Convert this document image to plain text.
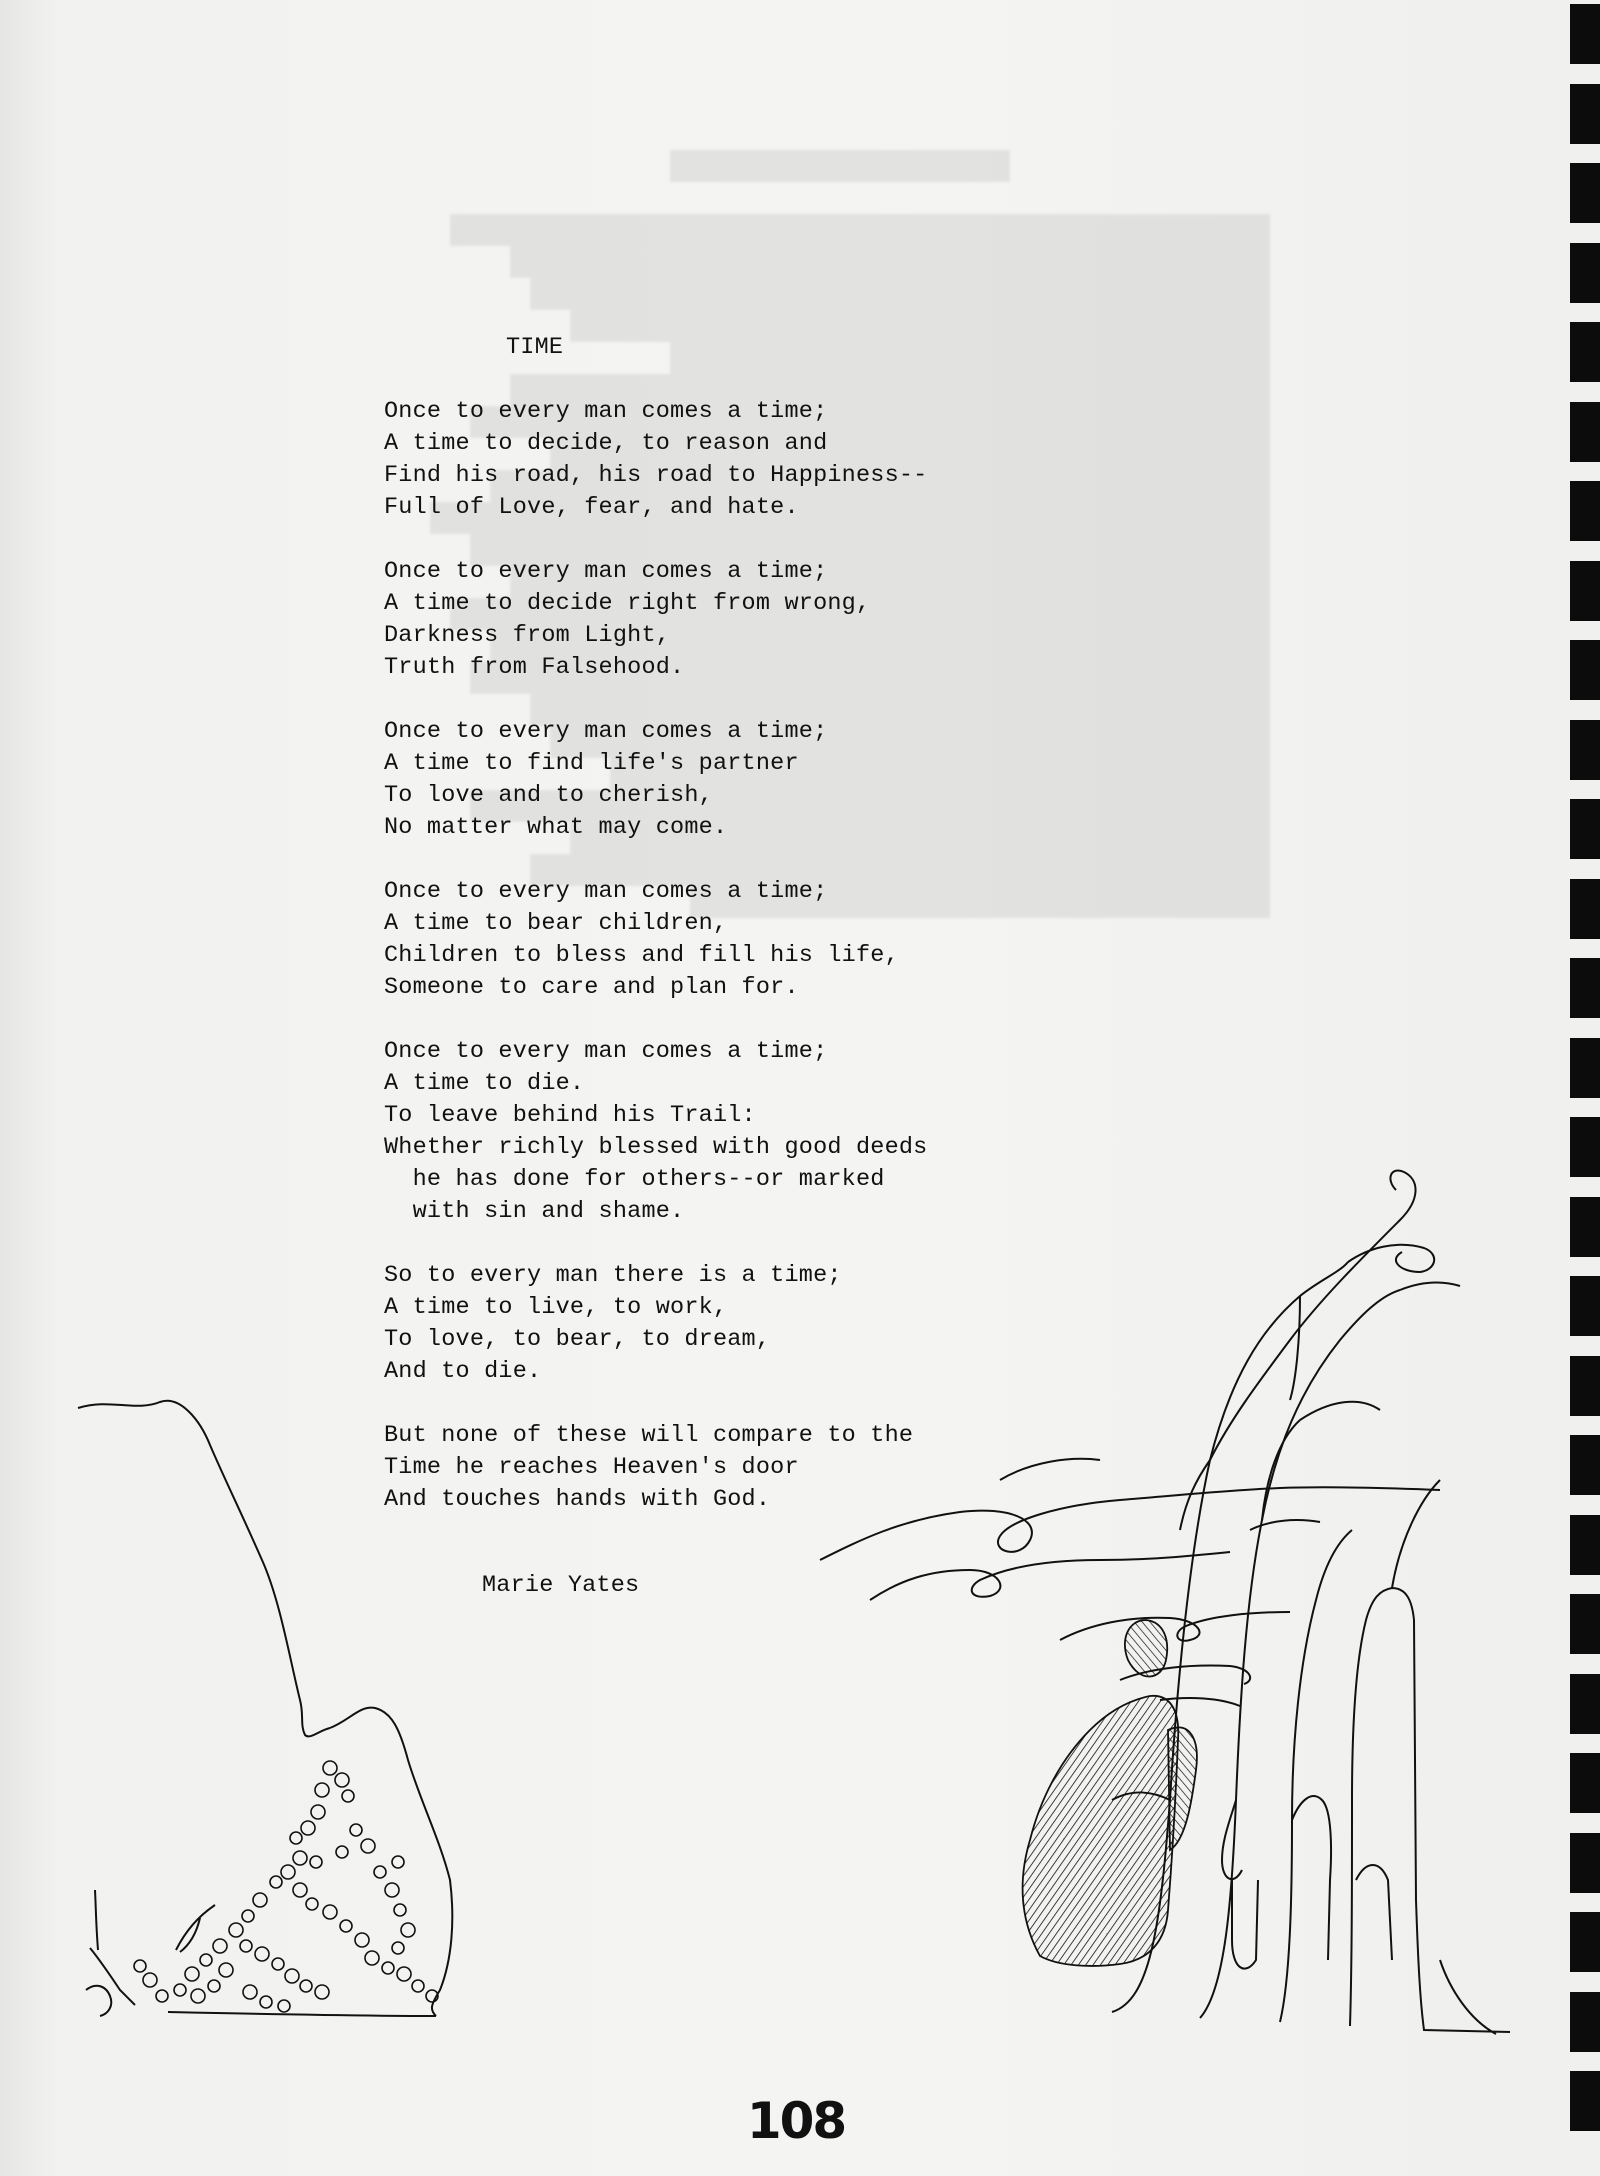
TIME
Once to every man comes a time;
A time to decide, to reason and
Find his road, his road to Happiness--
Full of Love, fear, and hate.
Once to every man comes a time;
A time to decide right from wrong,
Darkness from Light,
Truth from Falsehood.
Once to every man comes a time;
A time to find life's partner
To love and to cherish,
No matter what may come.
Once to every man comes a time;
A time to bear children,
Children to bless and fill his life,
Someone to care and plan for.
Once to every man comes a time;
A time to die.
To leave behind his Trail:
Whether richly blessed with good deeds
he has done for others--or marked
with sin and shame.
So to every man there is a time;
A time to live, to work,
To love, to bear, to dream,
And to die.
But none of these will compare to the
Time he reaches Heaven's door
And touches hands with God.
Marie Yates
108
